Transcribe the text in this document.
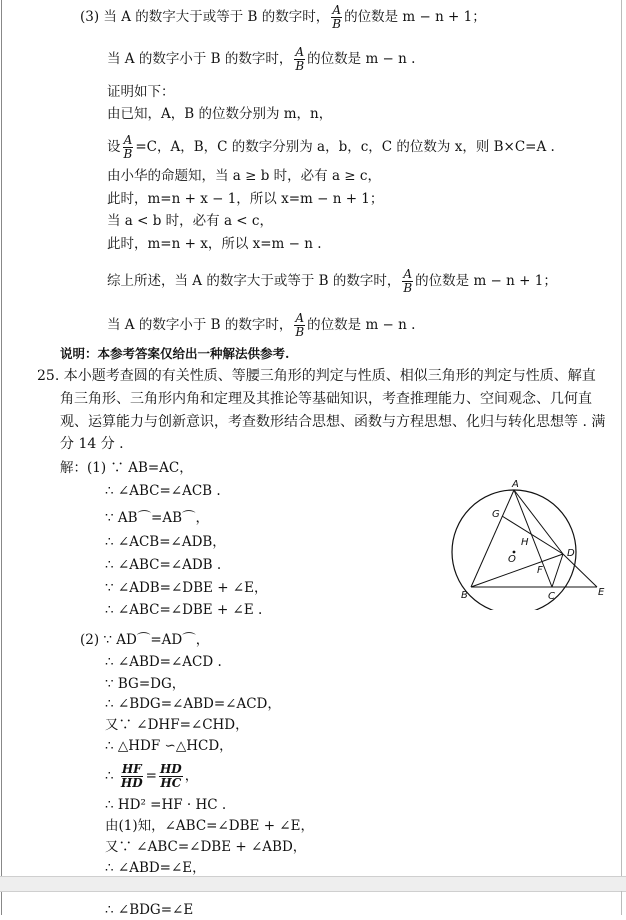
(3) 当 A 的数字大于或等于 B 的数字时， $\frac{A}{B}$ 的位数是 m − n + 1；
当 A 的数字小于 B 的数字时， $\frac{A}{B}$ 的位数是 m − n .
证明如下：
由已知，A，B 的位数分别为 m，n，
设 $\frac{A}{B} =C$，A，B，C 的数字分别为 a，b，c，C 的位数为 x，则 B×C=A .
由小华的命题知，当 a ≥ b 时，必有 a ≥ c，
此时，m=n + x − 1，所以 x=m − n + 1；
当 a < b 时，必有 a < c，
此时，m=n + x，所以 x=m − n .
综上所述，当 A 的数字大于或等于 B 的数字时， $\frac{A}{B}$ 的位数是 m − n + 1；
当 A 的数字小于 B 的数字时， $\frac{A}{B}$ 的位数是 m − n .
说明：本参考答案仅给出一种解法供参考.
25. 本小题考查圆的有关性质、等腰三角形的判定与性质、相似三角形的判定与性质、解直
角三角形、三角形内角和定理及其推论等基础知识，考查推理能力、空间观念、几何直
观、运算能力与创新意识，考查数形结合思想、函数与方程思想、化归与转化思想等 . 满
分 14 分 .
解：(1) ∵ AB=AC，
∴ ∠ABC=∠ACB .
∵ AB⌒=AB⌒，
∴ ∠ACB=∠ADB，
∴ ∠ABC=∠ADB .
∵ ∠ADB=∠DBE + ∠E，
∴ ∠ABC=∠DBE + ∠E .
(2) ∵ AD⌒=AD⌒，
∴ ∠ABD=∠ACD .
∵ BG=DG，
∴ ∠BDG=∠ABD=∠ACD，
又∵ ∠DHF=∠CHD，
∴ △HDF ∽△HCD，
∴ $\frac{HF}{HD} = \frac{HD}{HC}$ ，
∴ HD² =HF · HC .
由(1)知，∠ABC=∠DBE + ∠E，
又∵ ∠ABC=∠DBE + ∠ABD，
∴ ∠ABD=∠E，
A
B	C
D
E
F
G
H
O
∴ ∠BDG=∠E
